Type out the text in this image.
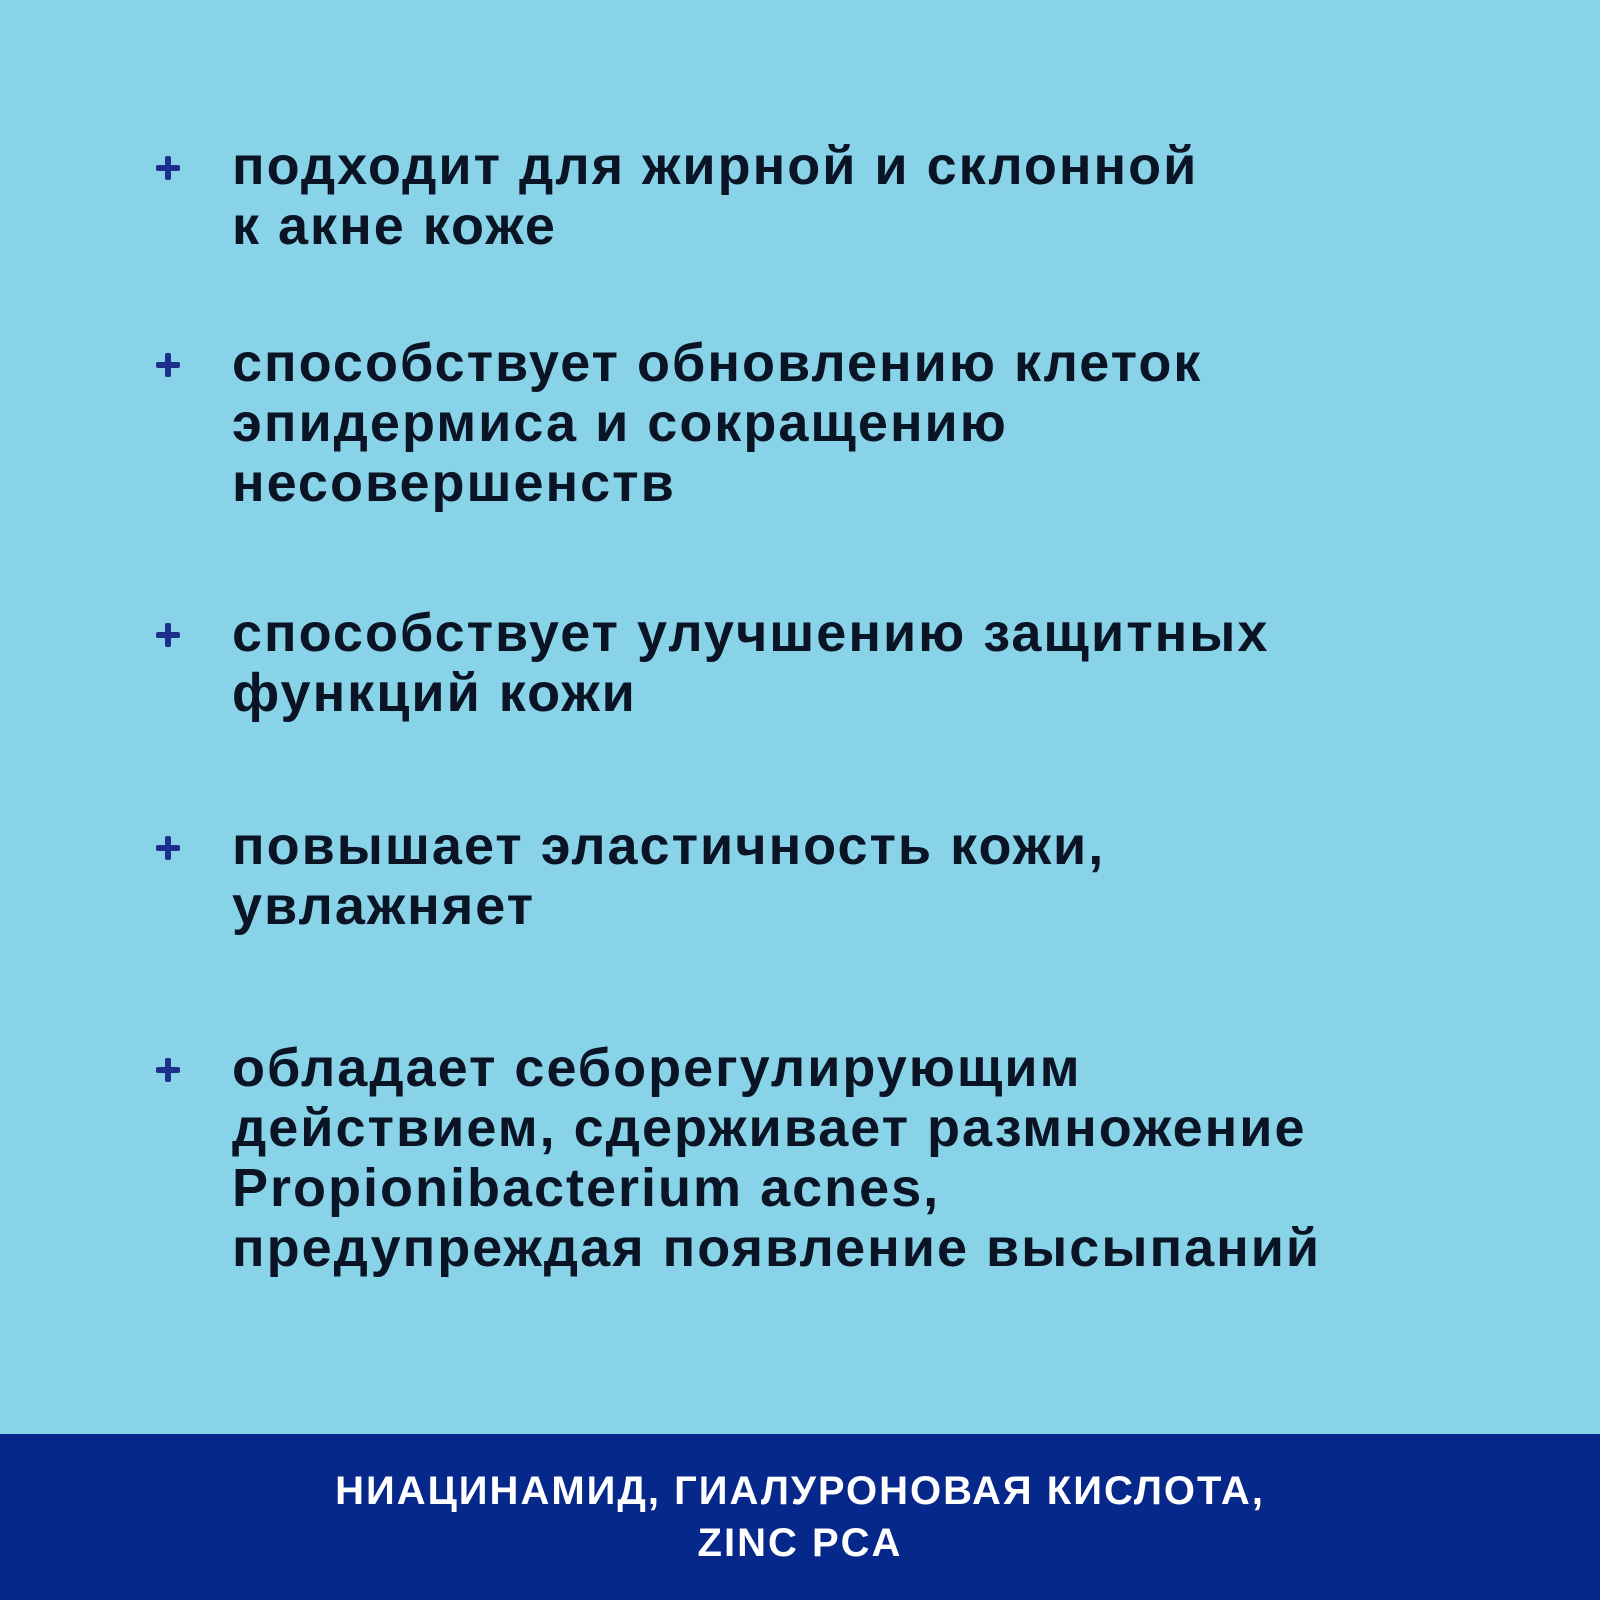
подходит для жирной и склонной
к акне коже
способствует обновлению клеток
эпидермиса и сокращению
несовершенств
способствует улучшению защитных
функций кожи
повышает эластичность кожи,
увлажняет
обладает себорегулирующим
действием, сдерживает размножение
Propionibacterium acnes,
предупреждая появление высыпаний
НИАЦИНАМИД, ГИАЛУРОНОВАЯ КИСЛОТА,
ZINC PCA
